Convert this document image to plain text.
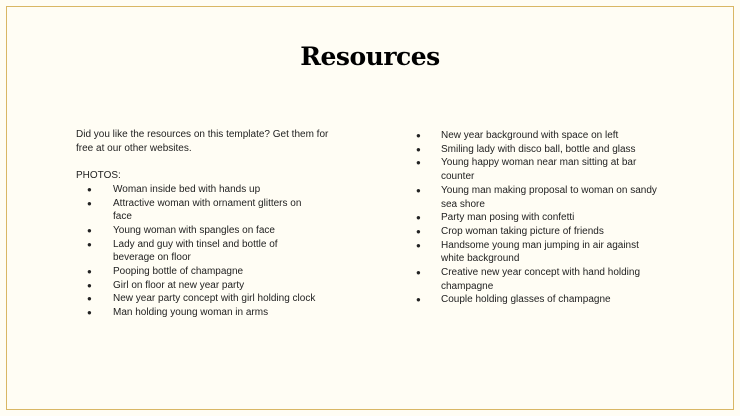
Resources

Did you like the resources on this template? Get them for free at our other websites.

PHOTOS:

● Woman inside bed with hands up
● Attractive woman with ornament glitters on face
● Young woman with spangles on face
● Lady and guy with tinsel and bottle of beverage on floor
● Pooping bottle of champagne
● Girl on floor at new year party
● New year party concept with girl holding clock
● Man holding young woman in arms
● New year background with space on left
● Smiling lady with disco ball, bottle and glass
● Young happy woman near man sitting at bar counter
● Young man making proposal to woman on sandy sea shore
● Party man posing with confetti
● Crop woman taking picture of friends
● Handsome young man jumping in air against white background
● Creative new year concept with hand holding champagne
● Couple holding glasses of champagne
